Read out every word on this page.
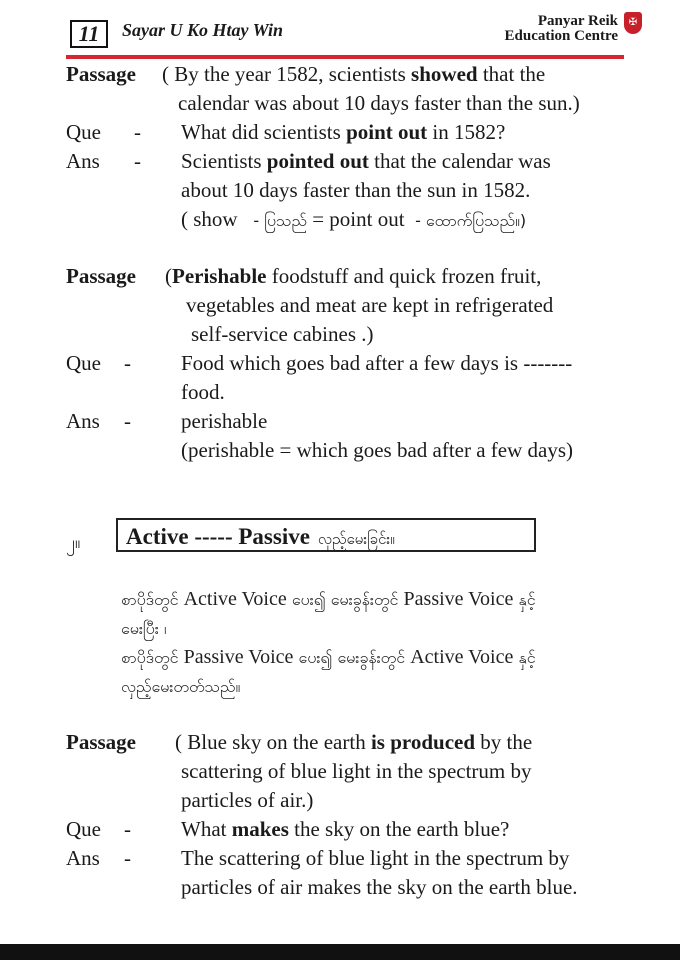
11	Sayar U Ko Htay Win	Panyar Reik
Education Centre
✠
Passage ( By the year 1582, scientists showed that the
calendar was about 10 days faster than the sun.)
Que - What did scientists point out in 1582?
Ans - Scientists pointed out that the calendar was
about 10 days faster than the sun in 1582.
( show - ပြသည် = point out - ထောက်ပြသည်။)
Passage (Perishable foodstuff and quick frozen fruit,
vegetables and meat are kept in refrigerated
self-service cabines .)
Que - Food which goes bad after a few days is -------
food.
Ans - perishable
(perishable = which goes bad after a few days)
၂။	Active ----- Passive လှည့်မေးခြင်း။
စာပိုဒ်တွင် Active Voice ပေး၍ မေးခွန်းတွင် Passive Voice နှင့်
မေးပြီး ၊
စာပိုဒ်တွင် Passive Voice ပေး၍ မေးခွန်းတွင် Active Voice နှင့်
လှည့်မေးတတ်သည်။
Passage ( Blue sky on the earth is produced by the
scattering of blue light in the spectrum by
particles of air.)
Que - What makes the sky on the earth blue?
Ans - The scattering of blue light in the spectrum by
particles of air makes the sky on the earth blue.
